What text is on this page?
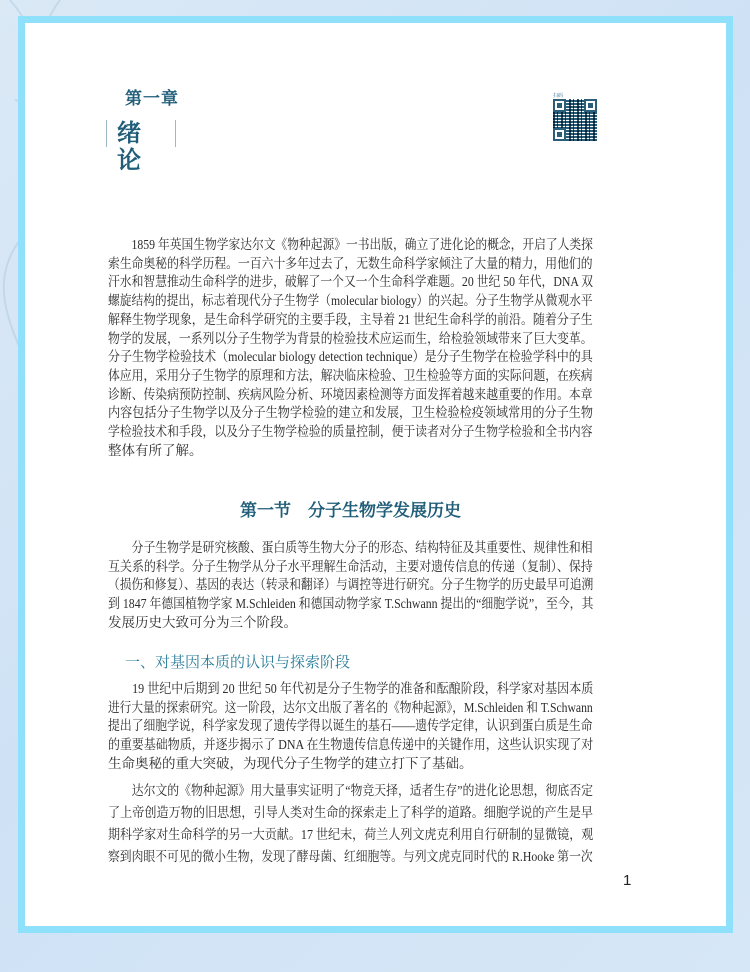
第一章
绪论
扫码
1859 年英国生物学家达尔文《物种起源》一书出版，确立了进化论的概念，开启了人类探
索生命奥秘的科学历程。一百六十多年过去了，无数生命科学家倾注了大量的精力，用他们的
汗水和智慧推动生命科学的进步，破解了一个又一个生命科学难题。20 世纪 50 年代，DNA 双
螺旋结构的提出，标志着现代分子生物学（molecular biology）的兴起。分子生物学从微观水平
解释生物学现象，是生命科学研究的主要手段，主导着 21 世纪生命科学的前沿。随着分子生
物学的发展，一系列以分子生物学为背景的检验技术应运而生，给检验领域带来了巨大变革。
分子生物学检验技术（molecular biology detection technique）是分子生物学在检验学科中的具
体应用，采用分子生物学的原理和方法，解决临床检验、卫生检验等方面的实际问题，在疾病
诊断、传染病预防控制、疾病风险分析、环境因素检测等方面发挥着越来越重要的作用。本章
内容包括分子生物学以及分子生物学检验的建立和发展，卫生检验检疫领域常用的分子生物
学检验技术和手段，以及分子生物学检验的质量控制，便于读者对分子生物学检验和全书内容
整体有所了解。
第一节　分子生物学发展历史
分子生物学是研究核酸、蛋白质等生物大分子的形态、结构特征及其重要性、规律性和相
互关系的科学。分子生物学从分子水平理解生命活动，主要对遗传信息的传递（复制）、保持
（损伤和修复）、基因的表达（转录和翻译）与调控等进行研究。分子生物学的历史最早可追溯
到 1847 年德国植物学家 M.Schleiden 和德国动物学家 T.Schwann 提出的“细胞学说”，至今，其
发展历史大致可分为三个阶段。
一、对基因本质的认识与探索阶段
19 世纪中后期到 20 世纪 50 年代初是分子生物学的准备和酝酿阶段，科学家对基因本质
进行大量的探索研究。这一阶段，达尔文出版了著名的《物种起源》，M.Schleiden 和 T.Schwann
提出了细胞学说，科学家发现了遗传学得以诞生的基石——遗传学定律，认识到蛋白质是生命
的重要基础物质，并逐步揭示了 DNA 在生物遗传信息传递中的关键作用，这些认识实现了对
生命奥秘的重大突破，为现代分子生物学的建立打下了基础。
达尔文的《物种起源》用大量事实证明了“物竞天择，适者生存”的进化论思想，彻底否定
了上帝创造万物的旧思想，引导人类对生命的探索走上了科学的道路。细胞学说的产生是早
期科学家对生命科学的另一大贡献。17 世纪末，荷兰人列文虎克利用自行研制的显微镜，观
察到肉眼不可见的微小生物，发现了酵母菌、红细胞等。与列文虎克同时代的 R.Hooke 第一次
1
